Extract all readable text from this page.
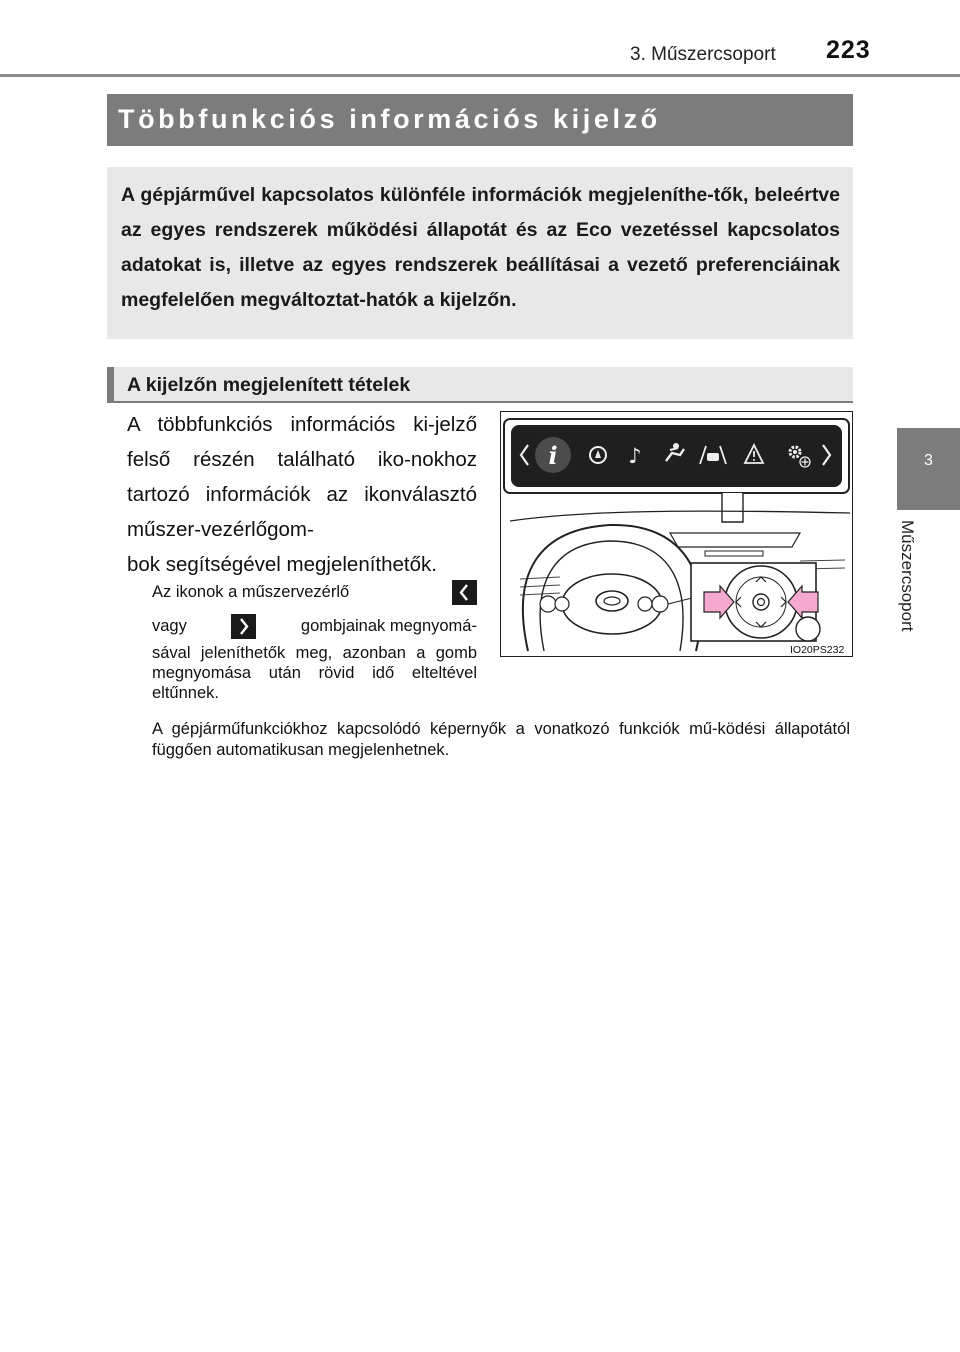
3. Műszercsoport 223
3
Műszercsoport
Többfunkciós információs kijelző

A gépjárművel kapcsolatos különféle információk megjeleníthe-tők, beleértve az egyes rendszerek működési állapotát és az Eco vezetéssel kapcsolatos adatokat is, illetve az egyes rendszerek beállításai a vezető preferenciáinak megfelelően megváltoztat-hatók a kijelzőn.

A kijelzőn megjelenített tételek

A többfunkciós információs ki-jelző felső részén található iko-nokhoz tartozó információk az ikonválasztó műszer-vezérlőgom-
bok segítségével megjeleníthetők.

Az ikonok a műszervezérlő
vagy	gombjainak megnyomá-

sával jeleníthetők meg, azonban a gomb megnyomása után rövid idő elteltével eltűnnek.

A gépjárműfunkciókhoz kapcsolódó képernyők a vonatkozó funkciók mű-ködési állapotától függően automatikusan megjelenhetnek.

i	♪
IO20PS232
